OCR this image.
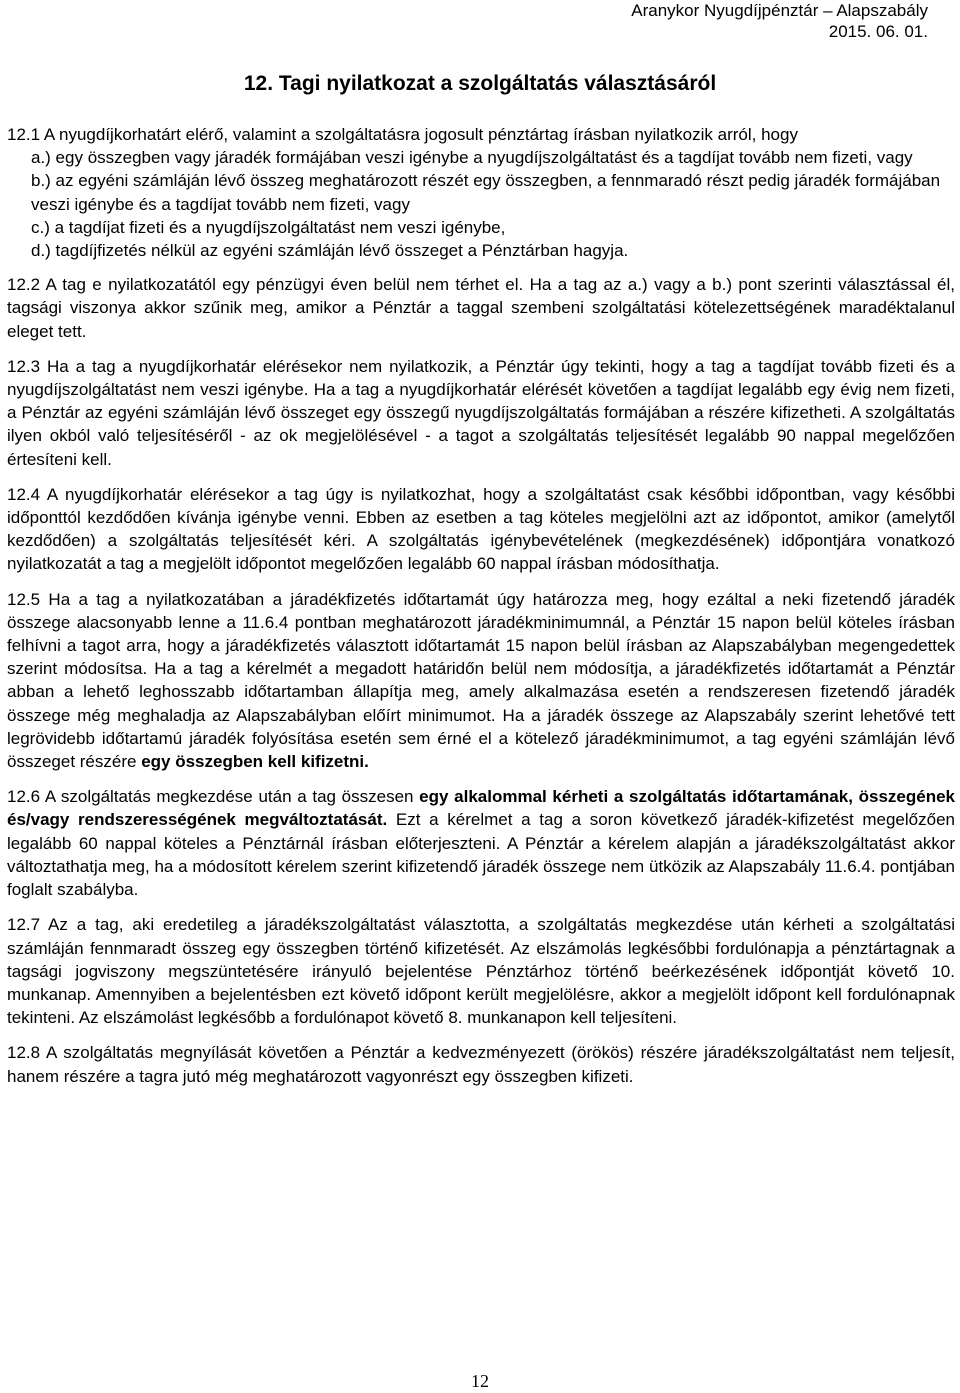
Aranykor Nyugdíjpénztár – Alapszabály
2015. 06. 01.
12. Tagi nyilatkozat a szolgáltatás választásáról

12.1 A nyugdíjkorhatárt elérő, valamint a szolgáltatásra jogosult pénztártag írásban nyilatkozik arról, hogy

a.) egy összegben vagy járadék formájában veszi igénybe a nyugdíjszolgáltatást és a tagdíjat tovább nem fizeti, vagy

b.) az egyéni számláján lévő összeg meghatározott részét egy összegben, a fennmaradó részt pedig járadék formájában veszi igénybe és a tagdíjat tovább nem fizeti, vagy

c.) a tagdíjat fizeti és a nyugdíjszolgáltatást nem veszi igénybe,

d.) tagdíjfizetés nélkül az egyéni számláján lévő összeget a Pénztárban hagyja.

12.2 A tag e nyilatkozatától egy pénzügyi éven belül nem térhet el. Ha a tag az a.) vagy a b.) pont szerinti választással él, tagsági viszonya akkor szűnik meg, amikor a Pénztár a taggal szembeni szolgáltatási kötelezettségének maradéktalanul eleget tett.

12.3 Ha a tag a nyugdíjkorhatár elérésekor nem nyilatkozik, a Pénztár úgy tekinti, hogy a tag a tagdíjat tovább fizeti és a nyugdíjszolgáltatást nem veszi igénybe. Ha a tag a nyugdíjkorhatár elérését követően a tagdíjat legalább egy évig nem fizeti, a Pénztár az egyéni számláján lévő összeget egy összegű nyugdíjszolgáltatás formájában a részére kifizetheti. A szolgáltatás ilyen okból való teljesítéséről - az ok megjelölésével - a tagot a szolgáltatás teljesítését legalább 90 nappal megelőzően értesíteni kell.

12.4 A nyugdíjkorhatár elérésekor a tag úgy is nyilatkozhat, hogy a szolgáltatást csak későbbi időpontban, vagy későbbi időponttól kezdődően kívánja igénybe venni. Ebben az esetben a tag köteles megjelölni azt az időpontot, amikor (amelytől kezdődően) a szolgáltatás teljesítését kéri. A szolgáltatás igénybevételének (megkezdésének) időpontjára vonatkozó nyilatkozatát a tag a megjelölt időpontot megelőzően legalább 60 nappal írásban módosíthatja.

12.5 Ha a tag a nyilatkozatában a járadékfizetés időtartamát úgy határozza meg, hogy ezáltal a neki fizetendő járadék összege alacsonyabb lenne a 11.6.4 pontban meghatározott járadékminimumnál, a Pénztár 15 napon belül köteles írásban felhívni a tagot arra, hogy a járadékfizetés választott időtartamát 15 napon belül írásban az Alapszabályban megengedettek szerint módosítsa. Ha a tag a kérelmét a megadott határidőn belül nem módosítja, a járadékfizetés időtartamát a Pénztár abban a lehető leghosszabb időtartamban állapítja meg, amely alkalmazása esetén a rendszeresen fizetendő járadék összege még meghaladja az Alapszabályban előírt minimumot. Ha a járadék összege az Alapszabály szerint lehetővé tett legrövidebb időtartamú járadék folyósítása esetén sem érné el a kötelező járadékminimumot, a tag egyéni számláján lévő összeget részére egy összegben kell kifizetni.

12.6 A szolgáltatás megkezdése után a tag összesen egy alkalommal kérheti a szolgáltatás időtartamának, összegének és/vagy rendszerességének megváltoztatását. Ezt a kérelmet a tag a soron következő járadék-kifizetést megelőzően legalább 60 nappal köteles a Pénztárnál írásban előterjeszteni. A Pénztár a kérelem alapján a járadékszolgáltatást akkor változtathatja meg, ha a módosított kérelem szerint kifizetendő járadék összege nem ütközik az Alapszabály 11.6.4. pontjában foglalt szabályba.

12.7 Az a tag, aki eredetileg a járadékszolgáltatást választotta, a szolgáltatás megkezdése után kérheti a szolgáltatási számláján fennmaradt összeg egy összegben történő kifizetését. Az elszámolás legkésőbbi fordulónapja a pénztártagnak a tagsági jogviszony megszüntetésére irányuló bejelentése Pénztárhoz történő beérkezésének időpontját követő 10. munkanap. Amennyiben a bejelentésben ezt követő időpont került megjelölésre, akkor a megjelölt időpont kell fordulónapnak tekinteni. Az elszámolást legkésőbb a fordulónapot követő 8. munkanapon kell teljesíteni.

12.8 A szolgáltatás megnyílását követően a Pénztár a kedvezményezett (örökös) részére járadékszolgáltatást nem teljesít, hanem részére a tagra jutó még meghatározott vagyonrészt egy összegben kifizeti.

12
